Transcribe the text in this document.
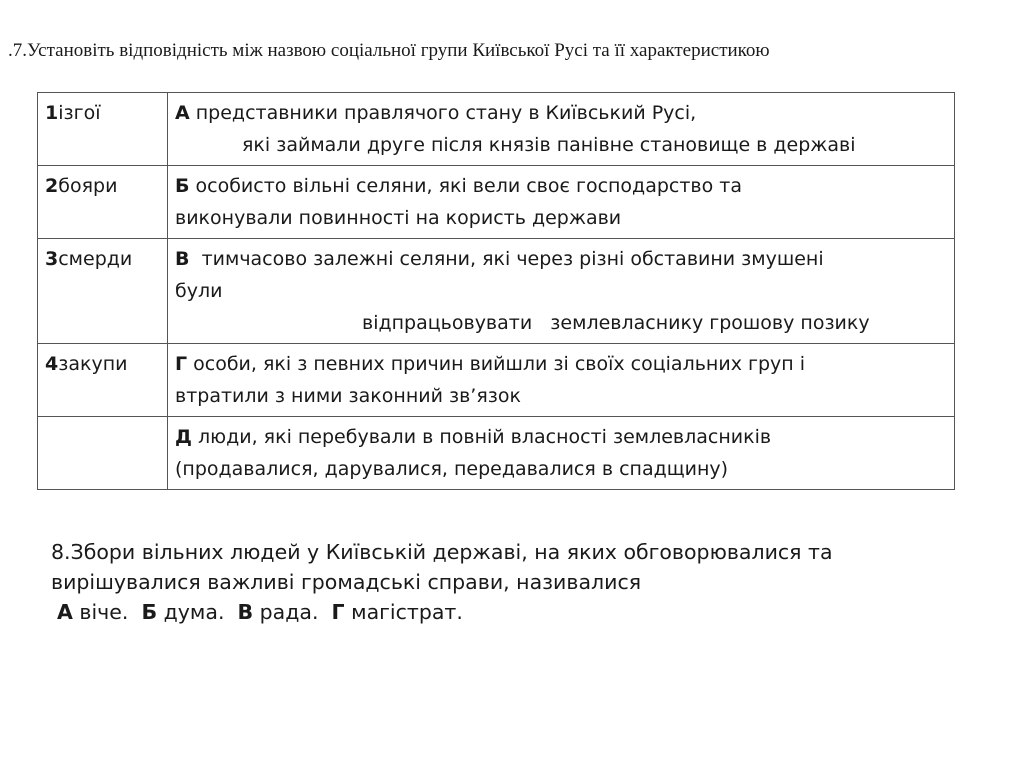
.7.Установіть відповідність між назвою соціальної групи Київської Русі та її характеристикою
1ізгої	А представники правлячого стану в Київський Русі,
які займали друге після князів панівне становище в державі

2бояри	Б особисто вільні селяни, які вели своє господарство та
виконували повинності на користь держави

3смерди	В  тимчасово залежні селяни, які через різні обставини змушені
були
відпрацьовувати   землевласнику грошову позику

4закупи	Г особи, які з певних причин вийшли зі своїх соціальних груп і
втратили з ними законний зв’язок

	Д люди, які перебували в повній власності землевласників
(продавалися, дарувалися, передавалися в спадщину)
8.Збори вільних людей у Київській державі, на яких обговорювалися та
вирішувалися важливі громадські справи, називалися
А віче.  Б дума.  В рада.  Г магістрат.
